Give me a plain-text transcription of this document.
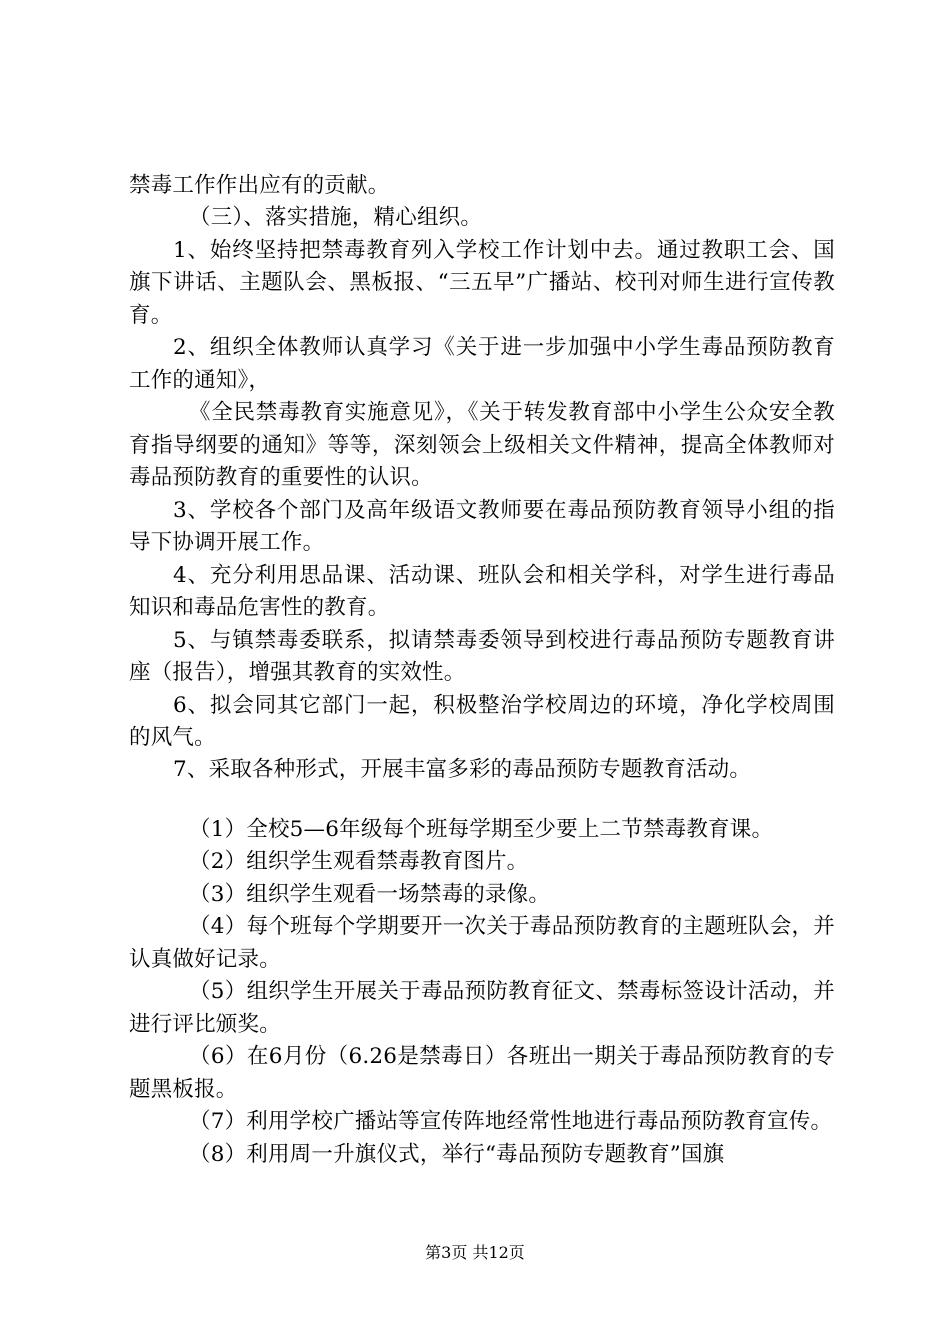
禁毒工作作出应有的贡献。

（三）、落实措施，精心组织。

1、始终坚持把禁毒教育列入学校工作计划中去。通过教职工会、国旗下讲话、主题队会、黑板报、“三五早”广播站、校刊对师生进行宣传教育。

2、组织全体教师认真学习《关于进一步加强中小学生毒品预防教育工作的通知》，

《全民禁毒教育实施意见》，《关于转发教育部中小学生公众安全教育指导纲要的通知》等等，深刻领会上级相关文件精神，提高全体教师对毒品预防教育的重要性的认识。

3、学校各个部门及高年级语文教师要在毒品预防教育领导小组的指导下协调开展工作。

4、充分利用思品课、活动课、班队会和相关学科，对学生进行毒品知识和毒品危害性的教育。

5、与镇禁毒委联系，拟请禁毒委领导到校进行毒品预防专题教育讲座（报告），增强其教育的实效性。

6、拟会同其它部门一起，积极整治学校周边的环境，净化学校周围的风气。

7、采取各种形式，开展丰富多彩的毒品预防专题教育活动。

（1）全校5—6年级每个班每学期至少要上二节禁毒教育课。

（2）组织学生观看禁毒教育图片。

（3）组织学生观看一场禁毒的录像。

（4）每个班每个学期要开一次关于毒品预防教育的主题班队会，并认真做好记录。

（5）组织学生开展关于毒品预防教育征文、禁毒标签设计活动，并进行评比颁奖。

（6）在6月份（6.26是禁毒日）各班出一期关于毒品预防教育的专题黑板报。

（7）利用学校广播站等宣传阵地经常性地进行毒品预防教育宣传。

（8）利用周一升旗仪式，举行“毒品预防专题教育”国旗

第3页 共12页
